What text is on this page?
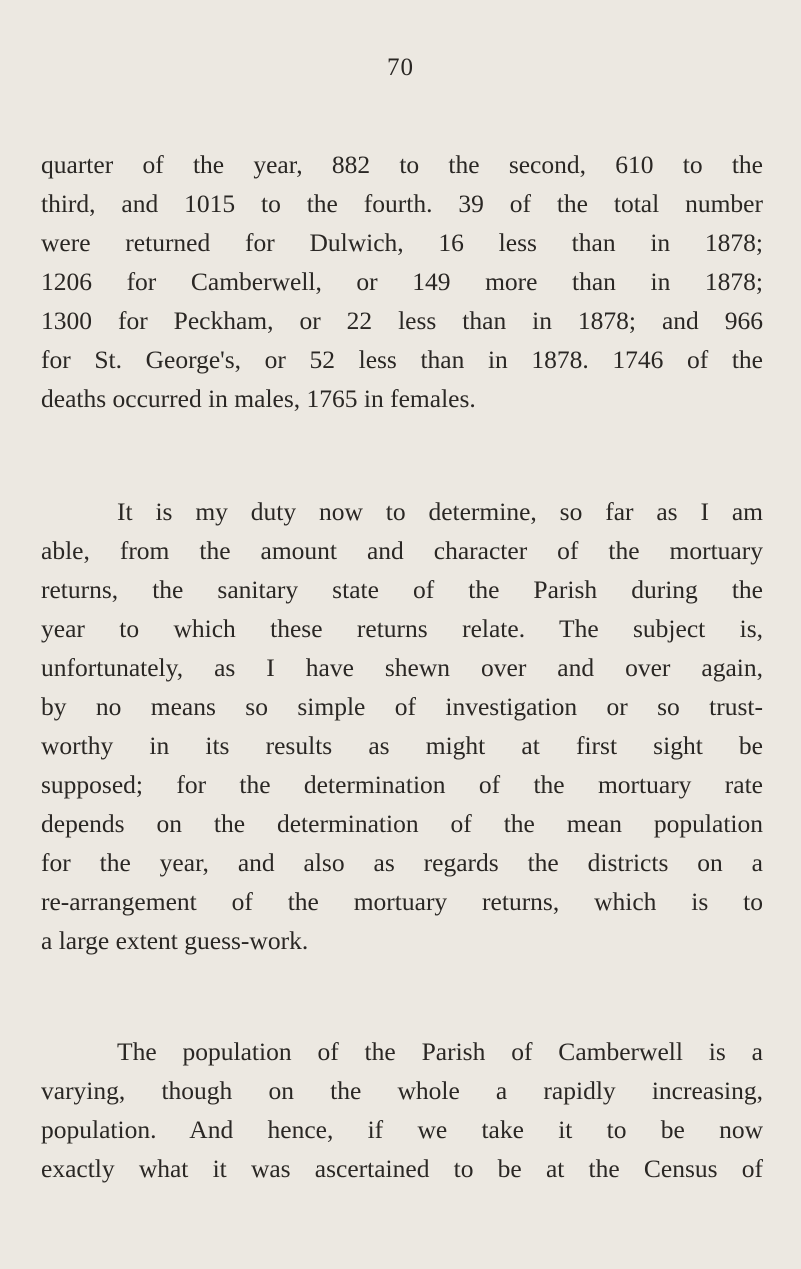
70
quarter of the year, 882 to the second, 610 to the
third, and 1015 to the fourth. 39 of the total number
were returned for Dulwich, 16 less than in 1878;
1206 for Camberwell, or 149 more than in 1878;
1300 for Peckham, or 22 less than in 1878; and 966
for St. George's, or 52 less than in 1878. 1746 of the
deaths occurred in males, 1765 in females.
It is my duty now to determine, so far as I am
able, from the amount and character of the mortuary
returns, the sanitary state of the Parish during the
year to which these returns relate. The subject is,
unfortunately, as I have shewn over and over again,
by no means so simple of investigation or so trust-
worthy in its results as might at first sight be
supposed; for the determination of the mortuary rate
depends on the determination of the mean population
for the year, and also as regards the districts on a
re-arrangement of the mortuary returns, which is to
a large extent guess-work.
The population of the Parish of Camberwell is a
varying, though on the whole a rapidly increasing,
population. And hence, if we take it to be now
exactly what it was ascertained to be at the Census of
